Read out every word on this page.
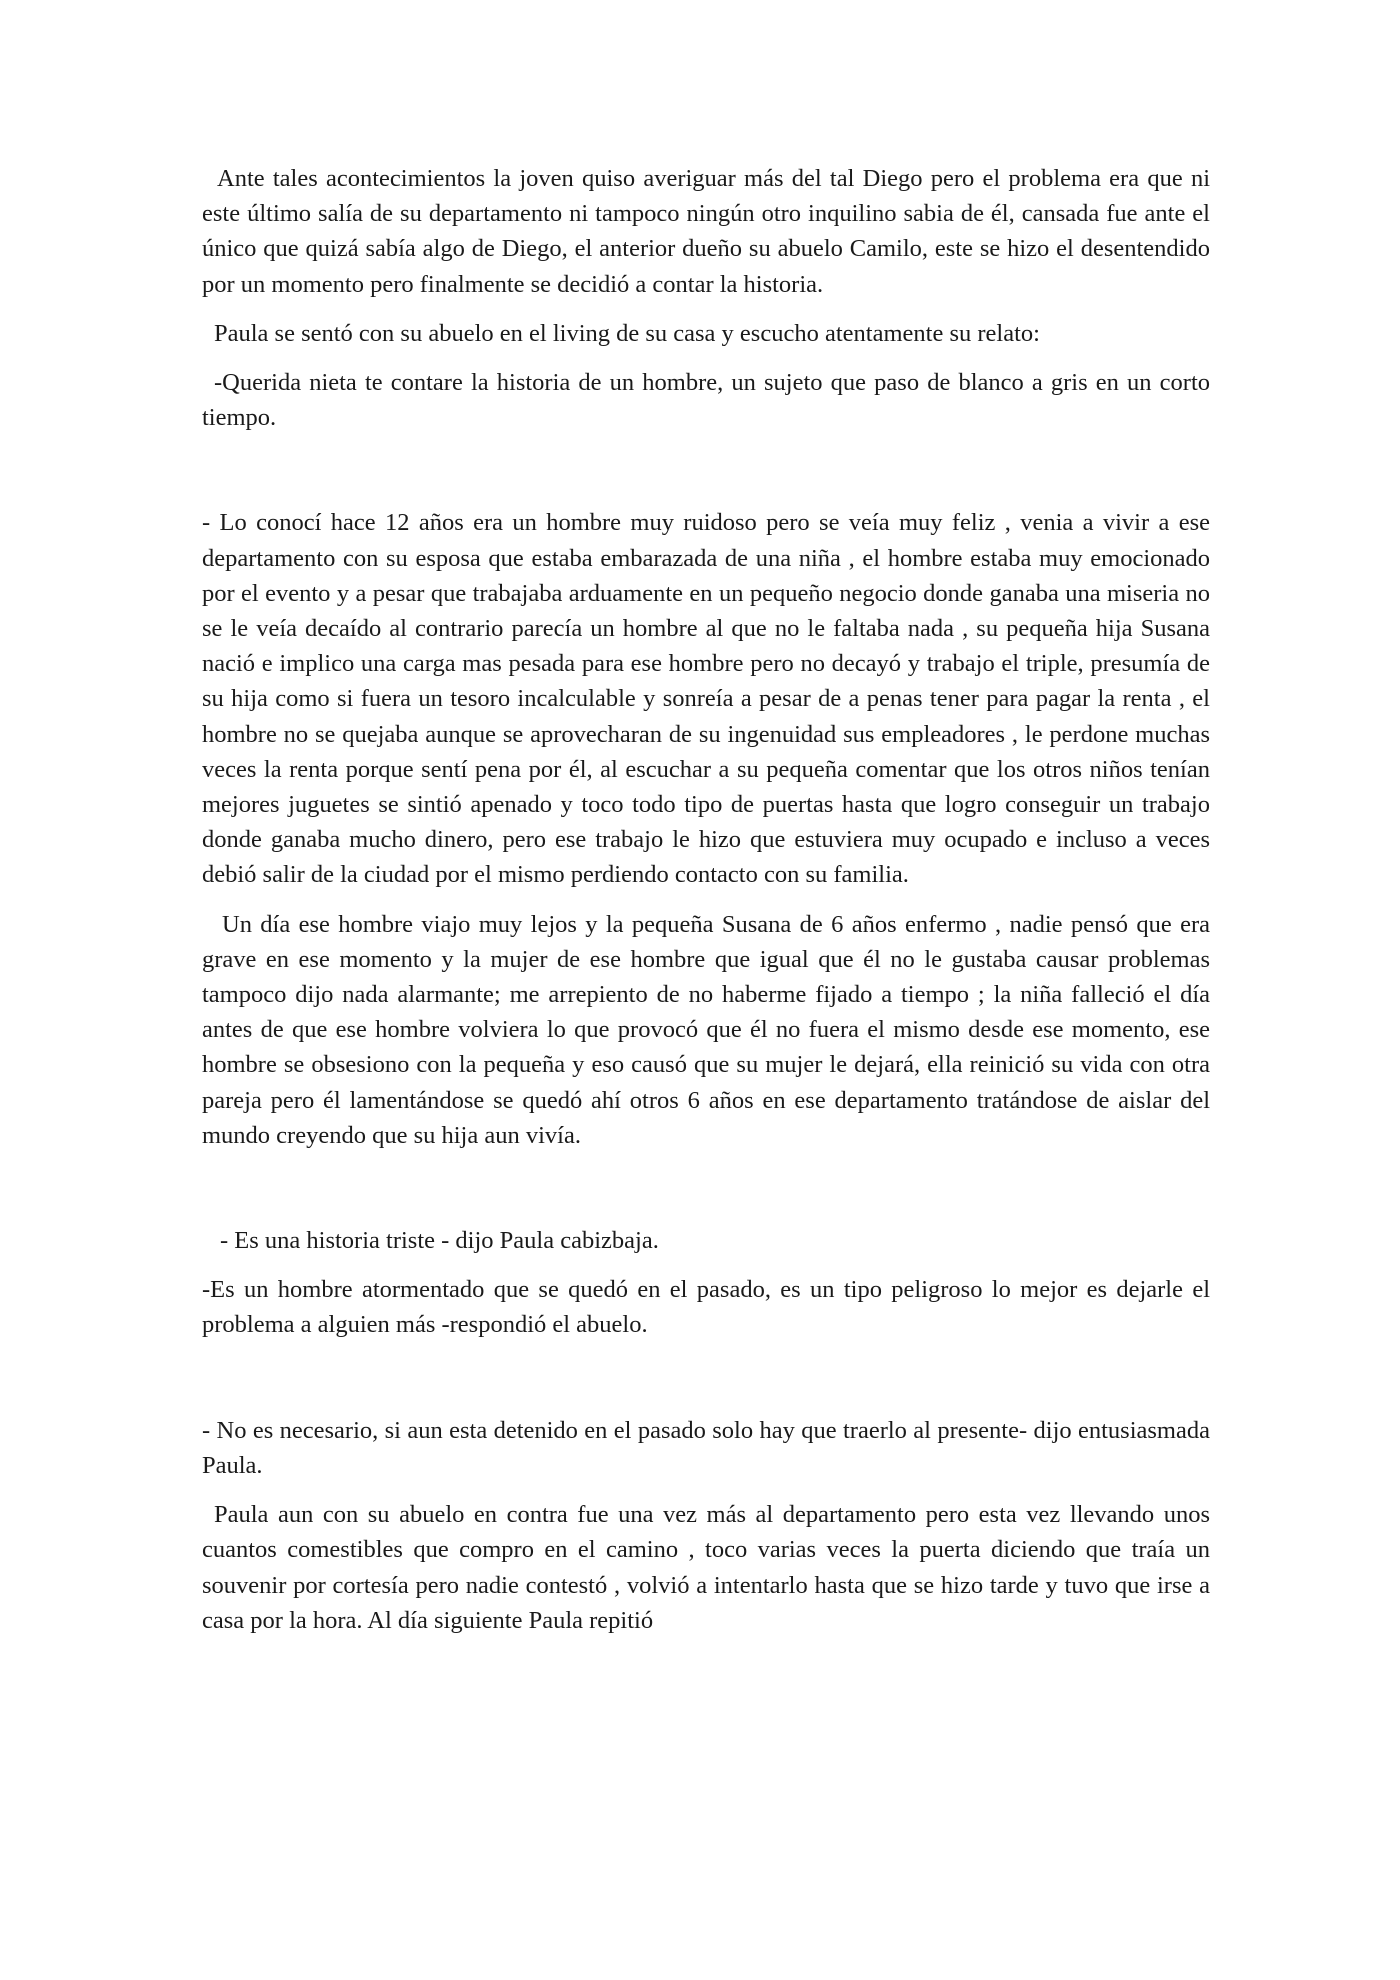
Ante tales acontecimientos la joven quiso averiguar más del tal Diego pero el problema era que ni este último salía de su departamento ni tampoco ningún otro inquilino sabia de él, cansada fue ante el único que quizá sabía algo de Diego, el anterior dueño su abuelo Camilo, este se hizo el desentendido por un momento pero finalmente se decidió a contar la historia.

Paula se sentó con su abuelo en el living de su casa y escucho atentamente su relato:

-Querida nieta te contare la historia de un hombre, un sujeto que paso de blanco a gris en un corto tiempo.

- Lo conocí hace 12 años era un hombre muy ruidoso pero se veía muy feliz , venia a vivir a ese departamento con su esposa que estaba embarazada de una niña , el hombre estaba muy emocionado por el evento y a pesar que trabajaba arduamente en un pequeño negocio donde ganaba una miseria no se le veía decaído al contrario parecía un hombre al que no le faltaba nada , su pequeña hija Susana nació e implico una carga mas pesada para ese hombre pero no decayó y trabajo el triple, presumía de su hija como si fuera un tesoro incalculable y sonreía a pesar de a penas tener para pagar la renta , el hombre no se quejaba aunque se aprovecharan de su ingenuidad sus empleadores , le perdone muchas veces la renta porque sentí pena por él, al escuchar a su pequeña comentar que los otros niños tenían mejores juguetes se sintió apenado y toco todo tipo de puertas hasta que logro conseguir un trabajo donde ganaba mucho dinero, pero ese trabajo le hizo que estuviera muy ocupado e incluso a veces debió salir de la ciudad por el mismo perdiendo contacto con su familia.

Un día ese hombre viajo muy lejos y la pequeña Susana de 6 años enfermo , nadie pensó que era grave en ese momento y la mujer de ese hombre que igual que él no le gustaba causar problemas tampoco dijo nada alarmante; me arrepiento de no haberme fijado a tiempo ; la niña falleció el día antes de que ese hombre volviera lo que provocó que él no fuera el mismo desde ese momento, ese hombre se obsesiono con la pequeña y eso causó que su mujer le dejará, ella reinició su vida con otra pareja pero él lamentándose se quedó ahí otros 6 años en ese departamento tratándose de aislar del mundo creyendo que su hija aun vivía.

- Es una historia triste - dijo Paula cabizbaja.

-Es un hombre atormentado que se quedó en el pasado, es un tipo peligroso lo mejor es dejarle el problema a alguien más -respondió el abuelo.

- No es necesario, si aun esta detenido en el pasado solo hay que traerlo al presente- dijo entusiasmada Paula.

Paula aun con su abuelo en contra fue una vez más al departamento pero esta vez llevando unos cuantos comestibles que compro en el camino , toco varias veces la puerta diciendo que traía un souvenir por cortesía pero nadie contestó , volvió a intentarlo hasta que se hizo tarde y tuvo que irse a casa por la hora. Al día siguiente Paula repitió
